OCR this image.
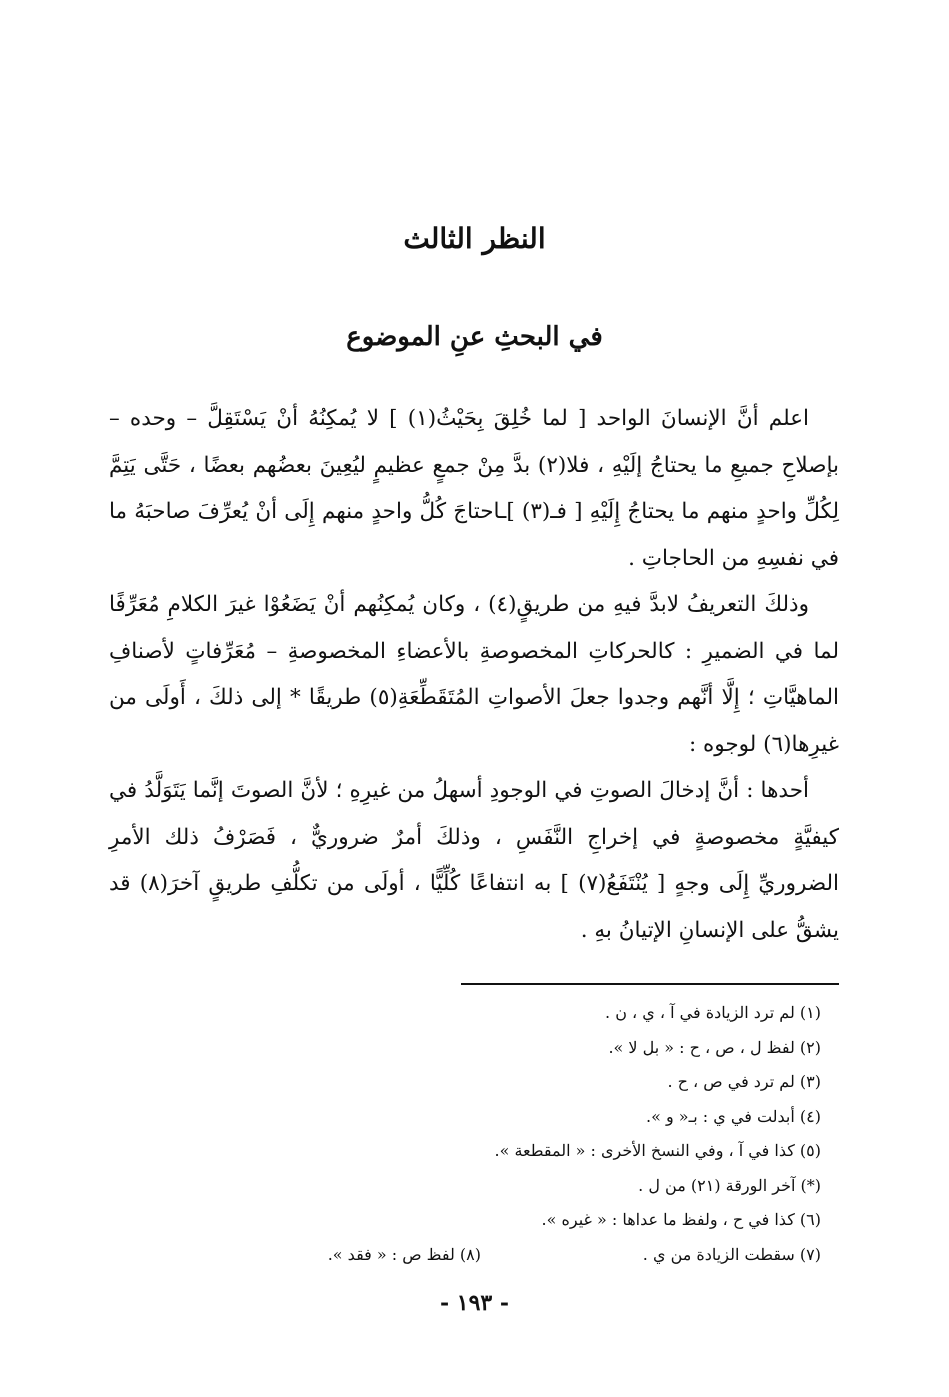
النظر الثالث
في البحثِ عنِ الموضوع

اعلم أنَّ الإنسانَ الواحد [ لما خُلِقَ بِحَيْثُ(١) ] لا يُمكِنُهُ أنْ يَسْتَقِلَّ – وحده – بإصلاحِ جميعِ ما يحتاجُ إلَيْهِ ، فلا(٢) بدَّ مِنْ جمعٍ عظيمٍ ليُعِينَ بعضُهم بعضًا ، حَتَّى يَتِمَّ لِكُلِّ واحدٍ منهم ما يحتاجُ إِلَيْهِ [ فـ(٣) ]ـاحتاجَ كُلُّ واحدٍ منهم إِلَى أنْ يُعرِّفَ صاحبَهُ ما في نفسِهِ من الحاجاتِ .

وذلكَ التعريفُ لابدَّ فيهِ من طريقٍ(٤) ، وكان يُمكِنُهم أنْ يَضَعُوْا غيرَ الكلامِ مُعَرِّفًا لما في الضميرِ : كالحركاتِ المخصوصةِ بالأعضاءِ المخصوصةِ – مُعَرِّفاتٍ لأصنافِ الماهيَّاتِ ؛ إِلَّا أنَّهم وجدوا جعلَ الأصواتِ المُتَقَطِّعَةِ(٥) طريقًا * إلى ذلكَ ، أَولَى من غيرِها(٦) لوجوه :

أحدها : أنَّ إدخالَ الصوتِ في الوجودِ أسهلُ من غيرِهِ ؛ لأنَّ الصوتَ إنَّما يَتَوَلَّدُ في كيفيَّةٍ مخصوصةٍ في إخراجِ النَّفَسِ ، وذلكَ أمرٌ ضروريٌّ ، فَصَرْفُ ذلك الأمرِ الضروريِّ إِلَى وجهٍ [ يُنْتَفَعُ(٧) ] به انتفاعًا كُلِّيًّا ، أولَى من تكلُّفِ طريقٍ آخرَ(٨) قد يشقُّ على الإنسانِ الإتيانُ بهِ .

(١) لم ترد الزيادة في آ ، ي ، ن .
(٢) لفظ ل ، ص ، ح : « بل لا ».
(٣) لم ترد في ص ، ح .
(٤) أبدلت في ي : بـ« و ».
(٥) كذا في آ ، وفي النسخ الأخرى : « المقطعة ».
(*) آخر الورقة (٢١) من ل .
(٦) كذا في ح ، ولفظ ما عداها : « غيره ».
(٧) سقطت الزيادة من ي .
(٨) لفظ ص : « فقد ».
- ١٩٣ -
